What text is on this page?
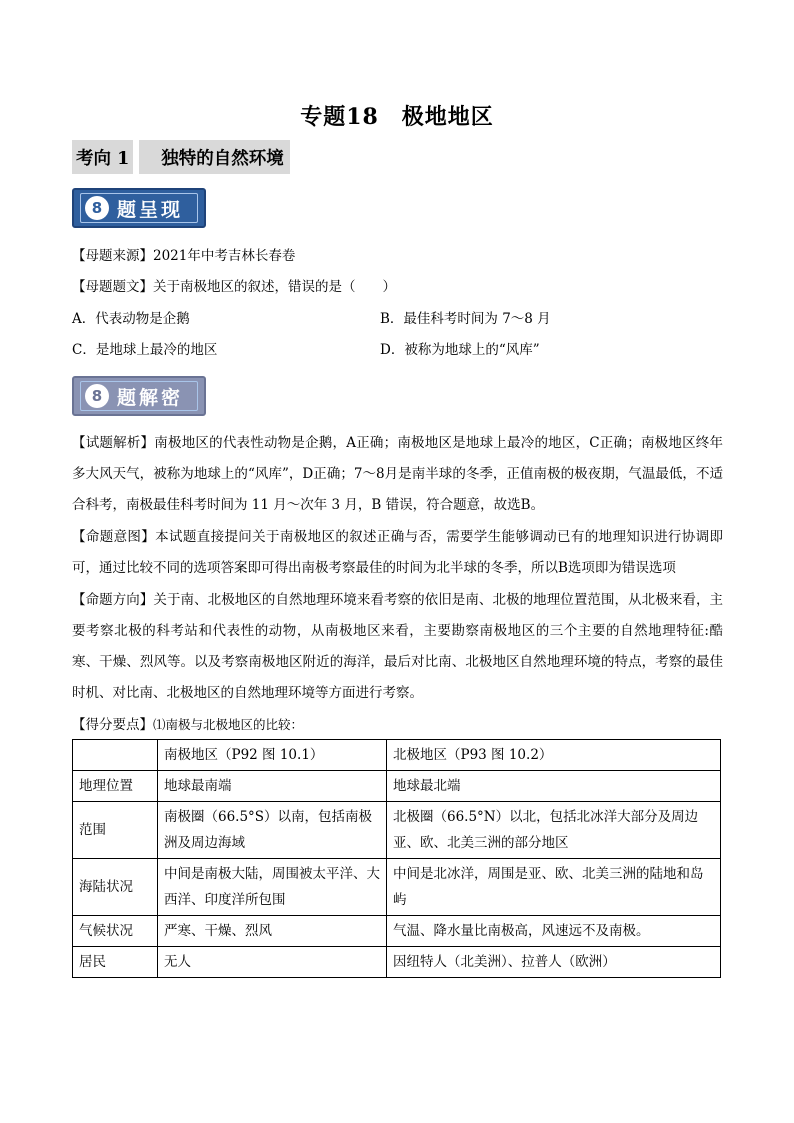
专题18　极地地区
考向 1	独特的自然环境
8 题呈现
【母题来源】2021年中考吉林长春卷
【母题题文】关于南极地区的叙述，错误的是（　　）
A．代表动物是企鹅	B．最佳科考时间为 7～8 月
C．是地球上最冷的地区	D．被称为地球上的“风库”
8 题解密
【试题解析】南极地区的代表性动物是企鹅，A正确；南极地区是地球上最冷的地区，C正确；南极地区终年多大风天气，被称为地球上的“风库”，D正确；7～8月是南半球的冬季，正值南极的极夜期，气温最低，不适合科考，南极最佳科考时间为 11 月～次年 3 月，B 错误，符合题意，故选B。
【命题意图】本试题直接提问关于南极地区的叙述正确与否，需要学生能够调动已有的地理知识进行协调即可，通过比较不同的选项答案即可得出南极考察最佳的时间为北半球的冬季，所以B选项即为错误选项
【命题方向】关于南、北极地区的自然地理环境来看考察的依旧是南、北极的地理位置范围，从北极来看，主要考察北极的科考站和代表性的动物，从南极地区来看，主要勘察南极地区的三个主要的自然地理特征:酷寒、干燥、烈风等。以及考察南极地区附近的海洋，最后对比南、北极地区自然地理环境的特点，考察的最佳时机、对比南、北极地区的自然地理环境等方面进行考察。
【得分要点】⑴南极与北极地区的比较：
	南极地区（P92 图 10.1）	北极地区（P93 图 10.2）
地理位置	地球最南端	地球最北端
范围	南极圈（66.5°S）以南，包括南极洲及周边海域	北极圈（66.5°N）以北，包括北冰洋大部分及周边亚、欧、北美三洲的部分地区
海陆状况	中间是南极大陆，周围被太平洋、大西洋、印度洋所包围	中间是北冰洋，周围是亚、欧、北美三洲的陆地和岛屿
气候状况	严寒、干燥、烈风	气温、降水量比南极高，风速远不及南极。
居民	无人	因纽特人（北美洲）、拉普人（欧洲）
